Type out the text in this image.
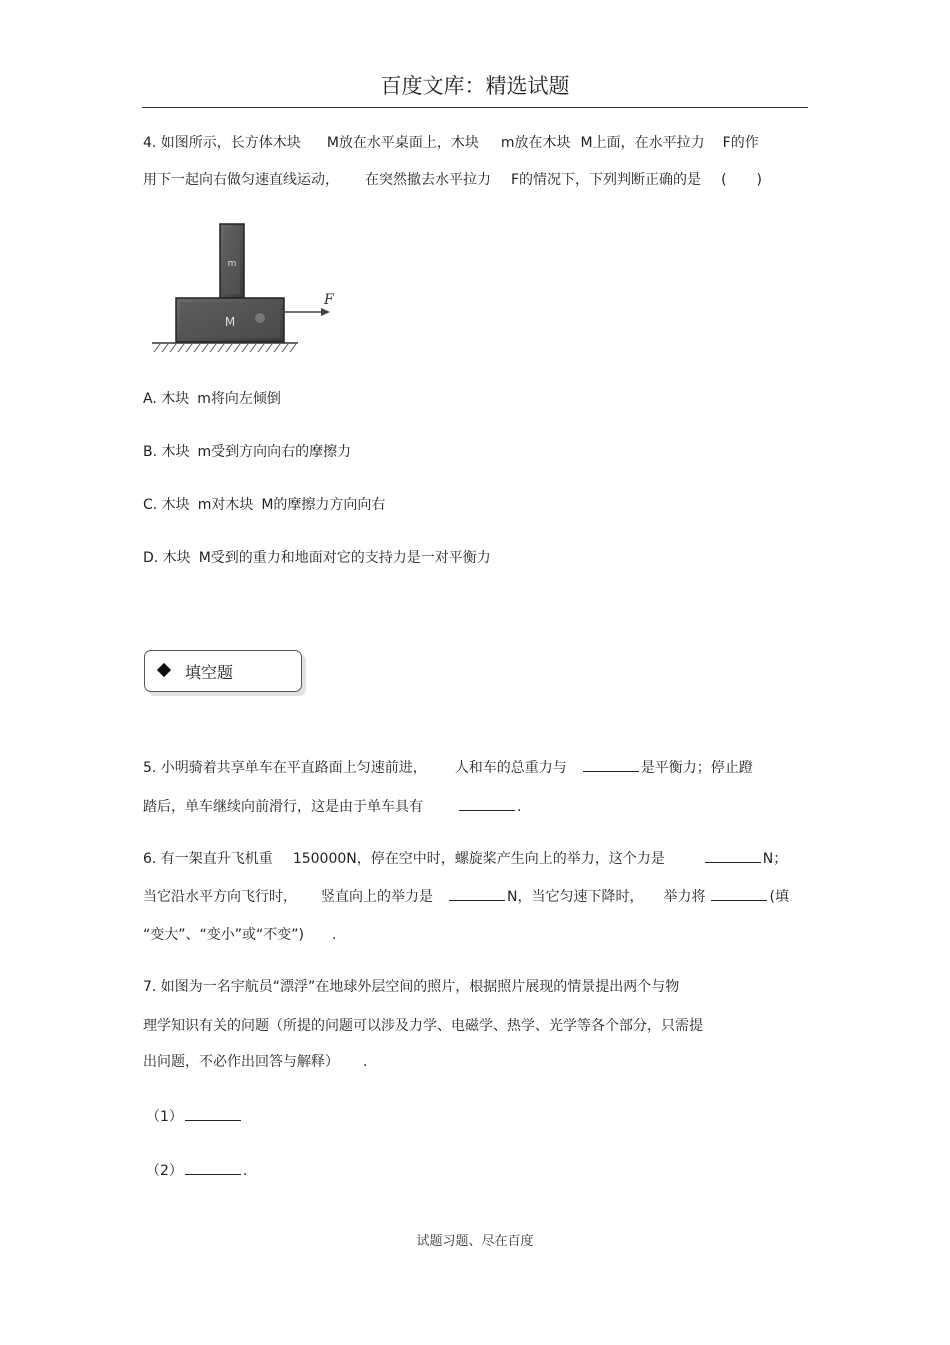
百度文库：精选试题
4. 如图所示，长方体木块 M放在水平桌面上，木块 m放在木块 M上面，在水平拉力 F的作
用下一起向右做匀速直线运动， 在突然撤去水平拉力 F的情况下，下列判断正确的是 ( )
m
M
F
A. 木块 m将向左倾倒
B. 木块 m受到方向向右的摩擦力
C. 木块 m对木块 M的摩擦力方向向右
D. 木块 M受到的重力和地面对它的支持力是一对平衡力
填空题
5. 小明骑着共享单车在平直路面上匀速前进， 人和车的总重力与	是平衡力；停止蹬
踏后，单车继续向前滑行，这是由于单车具有	.
6. 有一架直升飞机重 150000N，停在空中时，螺旋桨产生向上的举力，这个力是	N；
当它沿水平方向飞行时， 竖直向上的举力是	N，当它匀速下降时， 举力将	(填
“变大”、“变小”或“不变”) .
7. 如图为一名宇航员“漂浮”在地球外层空间的照片，根据照片展现的情景提出两个与物
理学知识有关的问题（所提的问题可以涉及力学、电磁学、热学、光学等各个部分，只需提
出问题，不必作出回答与解释） .
（1）
（2）	.
试题习题、尽在百度
